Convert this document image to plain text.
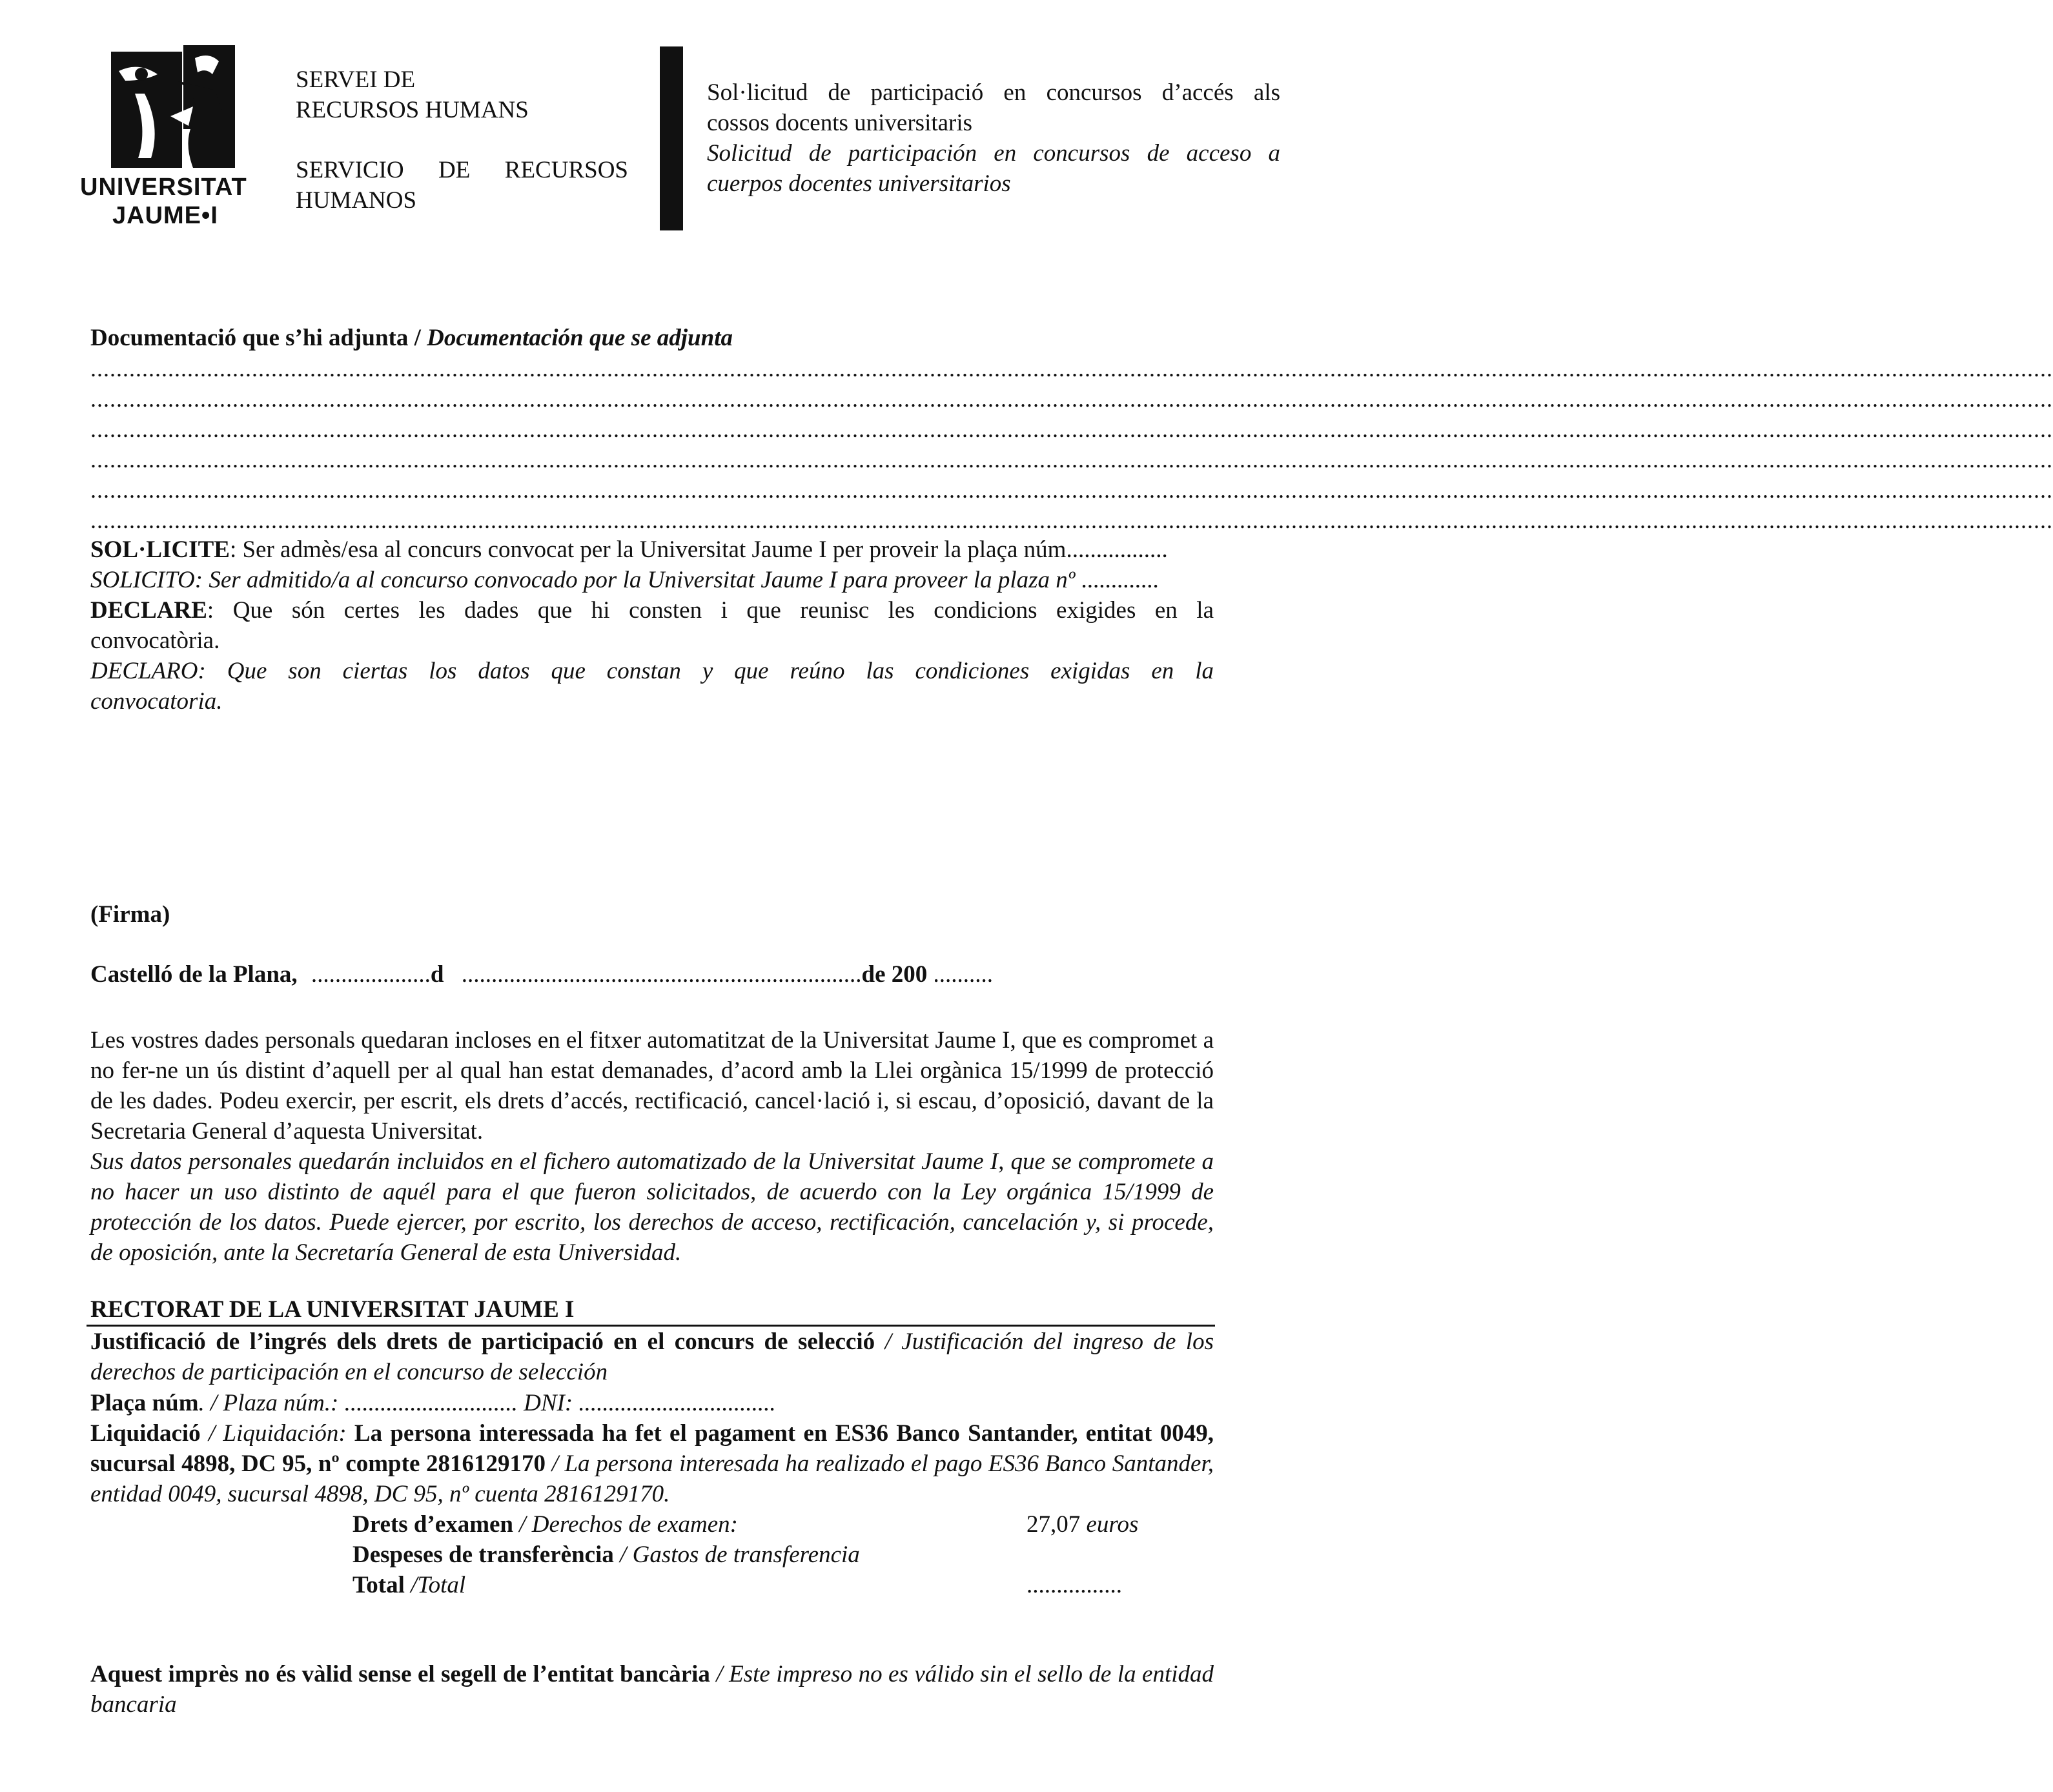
UNIVERSITAT
JAUME•I
SERVEI DE
RECURSOS HUMANS
SERVICIO DE RECURSOS
HUMANOS
Sol·licitud de participació en concursos d’accés als
cossos docents universitaris
Solicitud de participación en concursos de acceso a
cuerpos docentes universitarios
Documentació que s’hi adjunta / Documentación que se adjunta
................................................................................................................................................................................................................................................................................................................
................................................................................................................................................................................................................................................................................................................
................................................................................................................................................................................................................................................................................................................
................................................................................................................................................................................................................................................................................................................
................................................................................................................................................................................................................................................................................................................
................................................................................................................................................................................................................................................................................................................
SOL·LICITE: Ser admès/esa al concurs convocat per la Universitat Jaume I per proveir la plaça núm.................
SOLICITO: Ser admitido/a al concurso convocado por la Universitat Jaume I para proveer la plaza nº .............
DECLARE: Que són certes les dades que hi consten i que reunisc les condicions exigides en la
convocatòria.
DECLARO: Que son ciertas los datos que constan y que reúno las condiciones exigidas en la
convocatoria.
(Firma)
Castelló de la Plana, ....................d ...................................................................de 200 ..........
Les vostres dades personals quedaran incloses en el fitxer automatitzat de la Universitat Jaume I, que es compromet a no fer-ne un ús distint d’aquell per al qual han estat demanades, d’acord amb la Llei orgànica 15/1999 de protecció de les dades. Podeu exercir, per escrit, els drets d’accés, rectificació, cancel·lació i, si escau, d’oposició, davant de la Secretaria General d’aquesta Universitat.
Sus datos personales quedarán incluidos en el fichero automatizado de la Universitat Jaume I, que se compromete a no hacer un uso distinto de aquél para el que fueron solicitados, de acuerdo con la Ley orgánica 15/1999 de protección de los datos. Puede ejercer, por escrito, los derechos de acceso, rectificación, cancelación y, si procede, de oposición, ante la Secretaría General de esta Universidad.
RECTORAT DE LA UNIVERSITAT JAUME I
Justificació de l’ingrés dels drets de participació en el concurs de selecció / Justificación del ingreso de los derechos de participación en el concurso de selección
Plaça núm. / Plaza núm.: ............................. DNI: .................................
Liquidació / Liquidación: La persona interessada ha fet el pagament en ES36 Banco Santander, entitat 0049, sucursal 4898, DC 95, nº compte 2816129170 / La persona interesada ha realizado el pago ES36 Banco Santander, entidad 0049, sucursal 4898, DC 95, nº cuenta 2816129170.
Drets d’examen / Derechos de examen:	27,07 euros
Despeses de transferència / Gastos de transferencia
Total /Total	................
Aquest imprès no és vàlid sense el segell de l’entitat bancària / Este impreso no es válido sin el sello de la entidad bancaria
